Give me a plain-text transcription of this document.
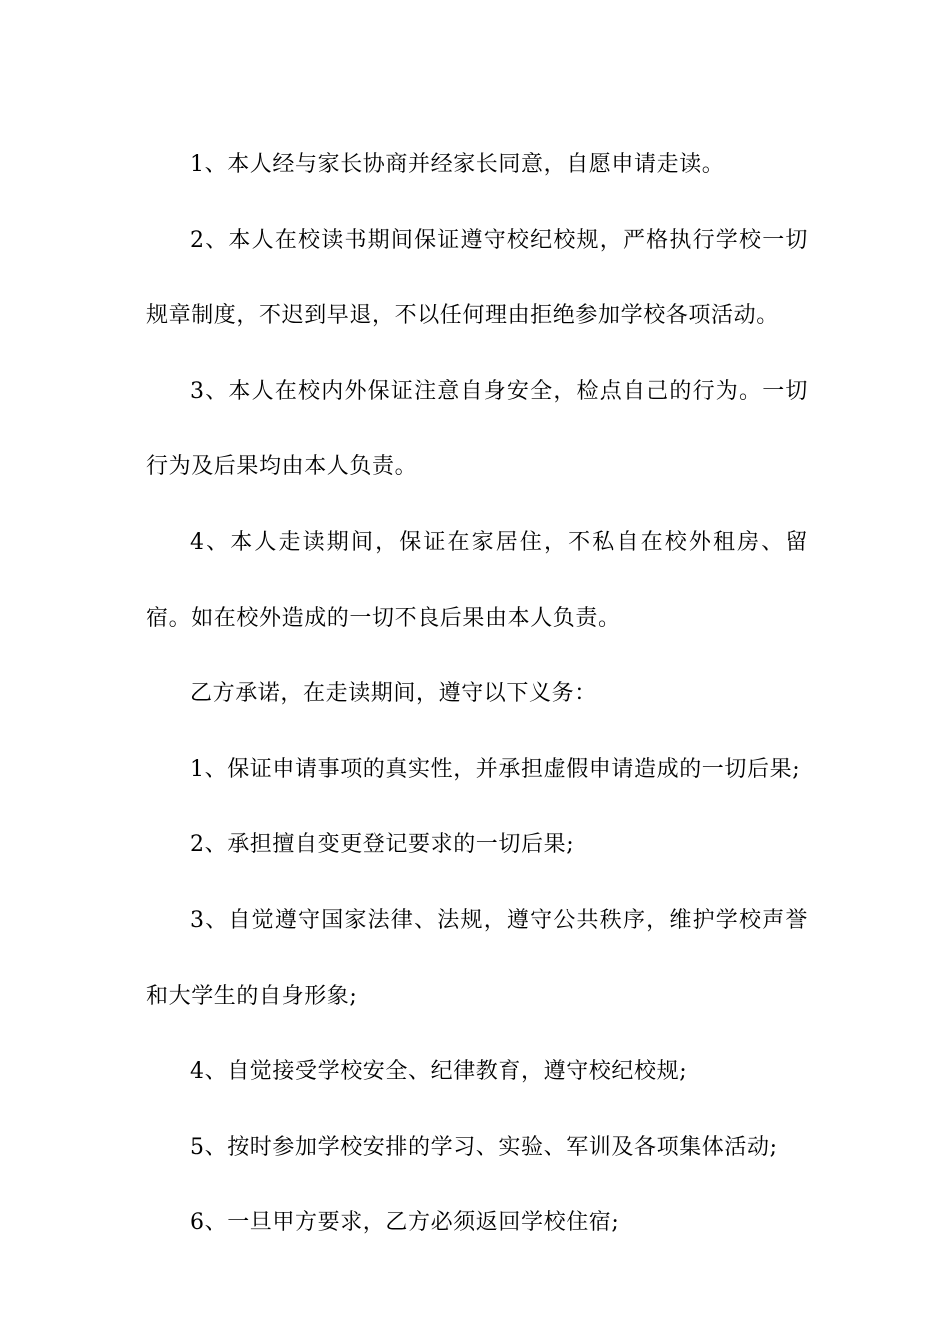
1、本人经与家长协商并经家长同意，自愿申请走读。

2、本人在校读书期间保证遵守校纪校规，严格执行学校一切规章制度，不迟到早退，不以任何理由拒绝参加学校各项活动。

3、本人在校内外保证注意自身安全，检点自己的行为。一切行为及后果均由本人负责。

4、本人走读期间，保证在家居住，不私自在校外租房、留宿。如在校外造成的一切不良后果由本人负责。

乙方承诺，在走读期间，遵守以下义务：

1、保证申请事项的真实性，并承担虚假申请造成的一切后果;

2、承担擅自变更登记要求的一切后果;

3、自觉遵守国家法律、法规，遵守公共秩序，维护学校声誉和大学生的自身形象;

4、自觉接受学校安全、纪律教育，遵守校纪校规;

5、按时参加学校安排的学习、实验、军训及各项集体活动;

6、一旦甲方要求，乙方必须返回学校住宿;
